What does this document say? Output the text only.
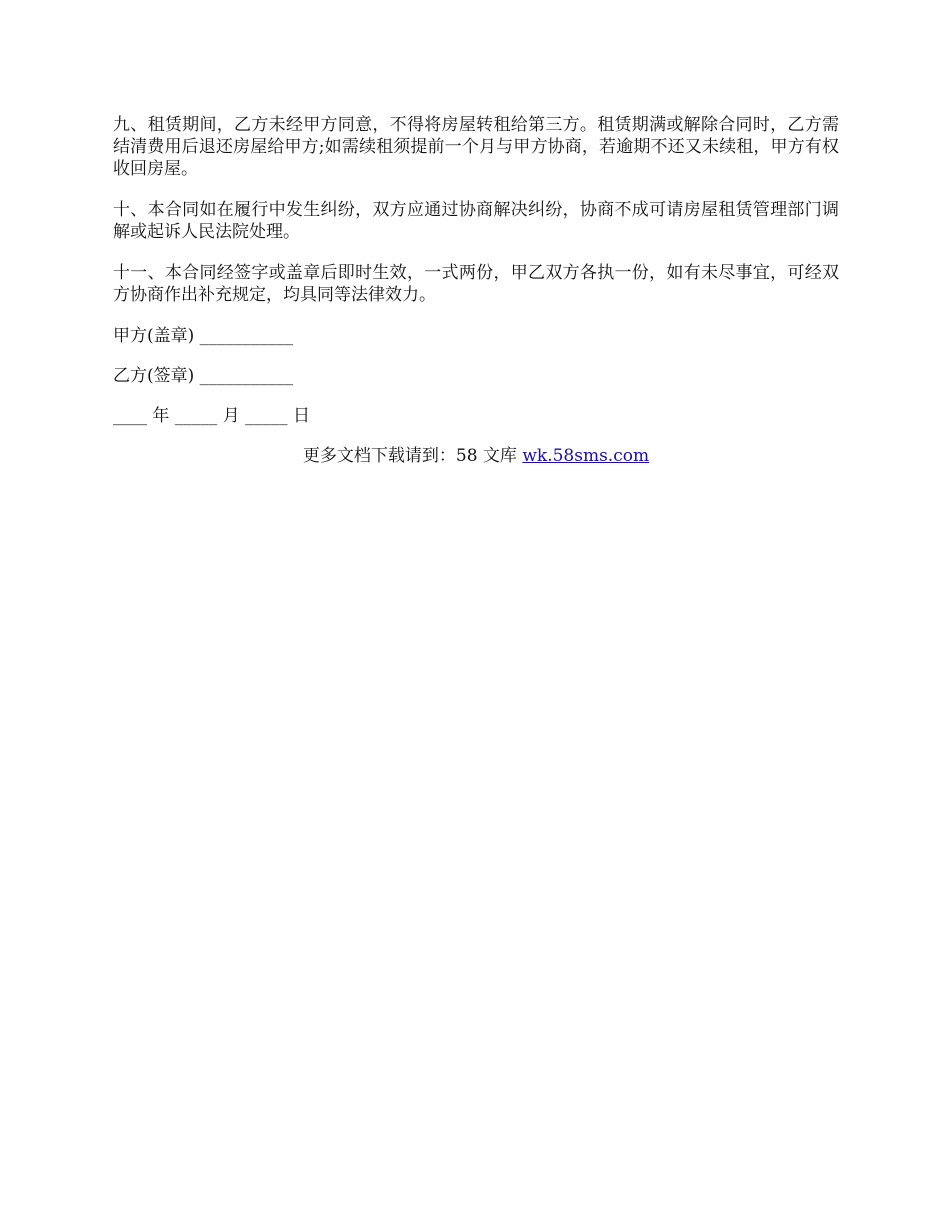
九、租赁期间，乙方未经甲方同意，不得将房屋转租给第三方。租赁期满或解除合同时，乙方需结清费用后退还房屋给甲方;如需续租须提前一个月与甲方协商，若逾期不还又未续租，甲方有权收回房屋。

十、本合同如在履行中发生纠纷，双方应通过协商解决纠纷，协商不成可请房屋租赁管理部门调解或起诉人民法院处理。

十一、本合同经签字或盖章后即时生效，一式两份，甲乙双方各执一份，如有未尽事宜，可经双方协商作出补充规定，均具同等法律效力。

甲方(盖章) ___________

乙方(签章) ___________

____ 年 _____ 月 _____ 日

更多文档下载请到：58 文库 wk.58sms.com
